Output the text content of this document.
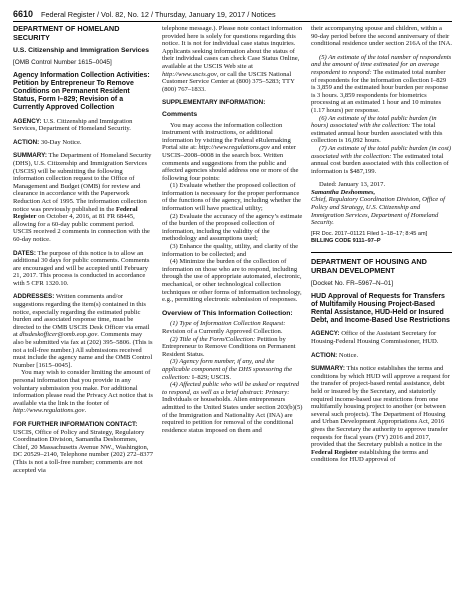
6610 Federal Register / Vol. 82, No. 12 / Thursday, January 19, 2017 / Notices

DEPARTMENT OF HOMELAND SECURITY

U.S. Citizenship and Immigration Services

[OMB Control Number 1615–0045]

Agency Information Collection Activities: Petition by Entrepreneur To Remove Conditions on Permanent Resident Status, Form I–829; Revision of a Currently Approved Collection

AGENCY: U.S. Citizenship and Immigration Services, Department of Homeland Security.

ACTION: 30-Day Notice.

SUMMARY: The Department of Homeland Security (DHS), U.S. Citizenship and Immigration Services (USCIS) will be submitting the following information collection request to the Office of Management and Budget (OMB) for review and clearance in accordance with the Paperwork Reduction Act of 1995. The information collection notice was previously published in the Federal Register on October 4, 2016, at 81 FR 68445, allowing for a 60-day public comment period. USCIS received 2 comments in connection with the 60-day notice.

DATES: The purpose of this notice is to allow an additional 30 days for public comments. Comments are encouraged and will be accepted until February 21, 2017. This process is conducted in accordance with 5 CFR 1320.10.

ADDRESSES: Written comments and/or suggestions regarding the item(s) contained in this notice, especially regarding the estimated public burden and associated response time, must be directed to the OMB USCIS Desk Officer via email at dhsdeskofficer@omb.eop.gov. Comments may also be submitted via fax at (202) 395–5806. (This is not a toll-free number.) All submissions received must include the agency name and the OMB Control Number [1615–0045].

You may wish to consider limiting the amount of personal information that you provide in any voluntary submission you make. For additional information please read the Privacy Act notice that is available via the link in the footer of http://www.regulations.gov.

FOR FURTHER INFORMATION CONTACT: USCIS, Office of Policy and Strategy, Regulatory Coordination Division, Samantha Deshommes, Chief, 20 Massachusetts Avenue NW., Washington, DC 20529–2140, Telephone number (202) 272–8377 (This is not a toll-free number; comments are not accepted via

telephone message.). Please note contact information provided here is solely for questions regarding this notice. It is not for individual case status inquiries. Applicants seeking information about the status of their individual cases can check Case Status Online, available at the USCIS Web site at http://www.uscis.gov, or call the USCIS National Customer Service Center at (800) 375–5283; TTY (800) 767–1833.

SUPPLEMENTARY INFORMATION:

Comments

You may access the information collection instrument with instructions, or additional information by visiting the Federal eRulemaking Portal site at: http://www.regulations.gov and enter USCIS–2008–0008 in the search box. Written comments and suggestions from the public and affected agencies should address one or more of the following four points:

(1) Evaluate whether the proposed collection of information is necessary for the proper performance of the functions of the agency, including whether the information will have practical utility;

(2) Evaluate the accuracy of the agency’s estimate of the burden of the proposed collection of information, including the validity of the methodology and assumptions used;

(3) Enhance the quality, utility, and clarity of the information to be collected; and

(4) Minimize the burden of the collection of information on those who are to respond, including through the use of appropriate automated, electronic, mechanical, or other technological collection techniques or other forms of information technology, e.g., permitting electronic submission of responses.

Overview of This Information Collection:

(1) Type of Information Collection Request: Revision of a Currently Approved Collection.

(2) Title of the Form/Collection: Petition by Entrepreneur to Remove Conditions on Permanent Resident Status.

(3) Agency form number, if any, and the applicable component of the DHS sponsoring the collection: I–829; USCIS.

(4) Affected public who will be asked or required to respond, as well as a brief abstract: Primary: Individuals or households. Alien entrepreneurs admitted to the United States under section 203(b)(5) of the Immigration and Nationality Act (INA) are required to petition for removal of the conditional residence status imposed on them and

their accompanying spouse and children, within a 90-day period before the second anniversary of their conditional residence under section 216A of the INA.

(5) An estimate of the total number of respondents and the amount of time estimated for an average respondent to respond: The estimated total number of respondents for the information collection I–829 is 3,859 and the estimated hour burden per response is 3 hours. 3,859 respondents for biometrics processing at an estimated 1 hour and 10 minutes (1.17 hours) per response.

(6) An estimate of the total public burden (in hours) associated with the collection: The total estimated annual hour burden associated with this collection is 16,092 hours.

(7) An estimate of the total public burden (in cost) associated with the collection: The estimated total annual cost burden associated with this collection of information is $487,199.

Dated: January 13, 2017.

Samantha Deshommes,

Chief, Regulatory Coordination Division, Office of Policy and Strategy, U.S. Citizenship and Immigration Services, Department of Homeland Security.

[FR Doc. 2017–01121 Filed 1–18–17; 8:45 am]

BILLING CODE 9111–97–P

DEPARTMENT OF HOUSING AND URBAN DEVELOPMENT

[Docket No. FR–5967–N–01]

HUD Approval of Requests for Transfers of Multifamily Housing Project-Based Rental Assistance, HUD-Held or Insured Debt, and Income-Based Use Restrictions

AGENCY: Office of the Assistant Secretary for Housing-Federal Housing Commissioner, HUD.

ACTION: Notice.

SUMMARY: This notice establishes the terms and conditions by which HUD will approve a request for the transfer of project-based rental assistance, debt held or insured by the Secretary, and statutorily required income-based use restrictions from one multifamily housing project to another (or between several such projects). The Department of Housing and Urban Development Appropriations Act, 2016 gives the Secretary the authority to approve transfer requests for fiscal years (FY) 2016 and 2017, provided that the Secretary publish a notice in the Federal Register establishing the terms and conditions for HUD approval of
